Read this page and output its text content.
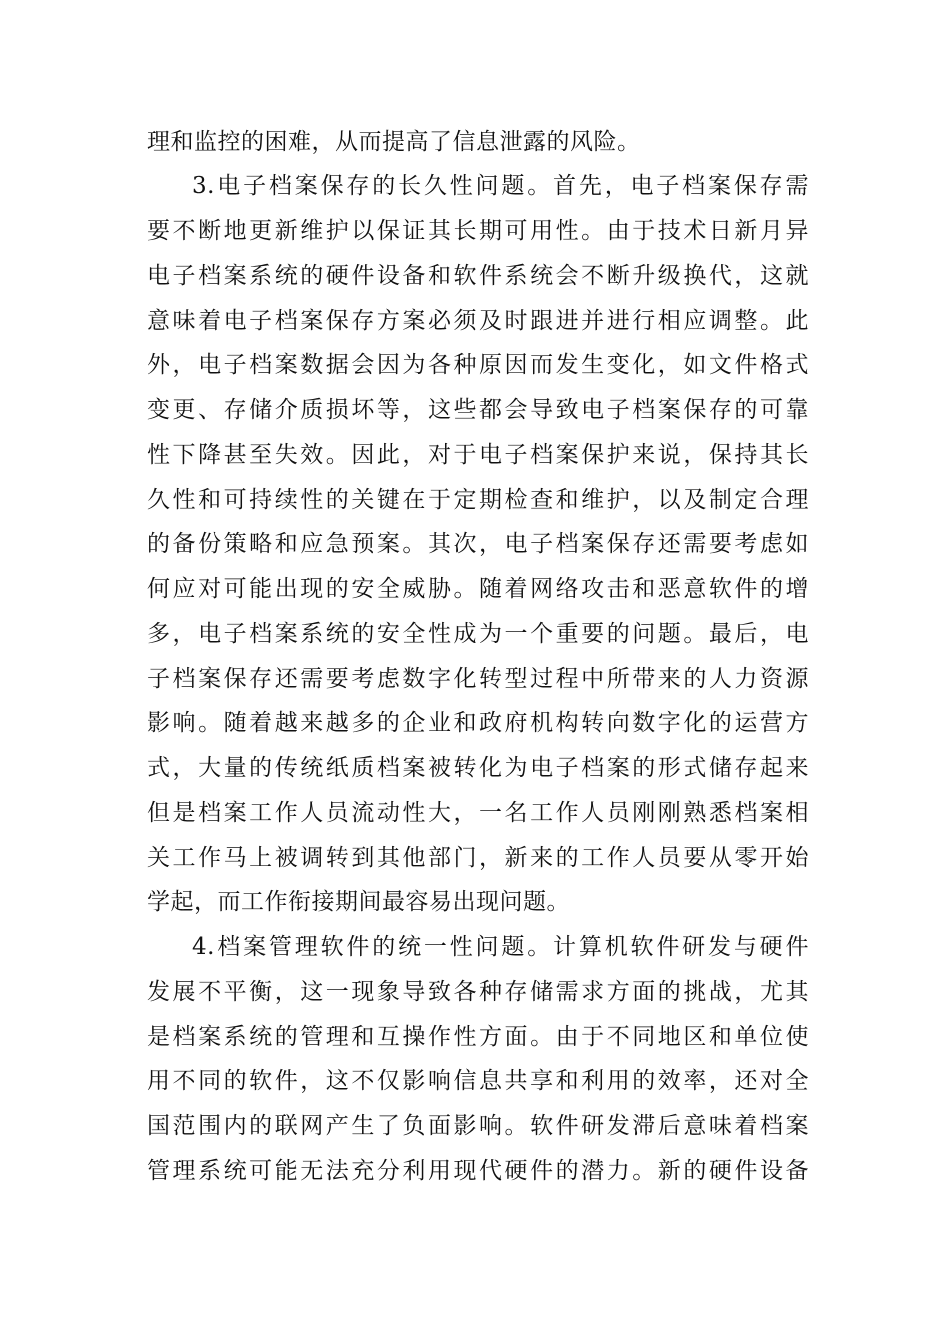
理和监控的困难，从而提高了信息泄露的风险。
3.电子档案保存的长久性问题。首先，电子档案保存需
要不断地更新维护以保证其长期可用性。由于技术日新月异
电子档案系统的硬件设备和软件系统会不断升级换代，这就
意味着电子档案保存方案必须及时跟进并进行相应调整。此
外，电子档案数据会因为各种原因而发生变化，如文件格式
变更、存储介质损坏等，这些都会导致电子档案保存的可靠
性下降甚至失效。因此，对于电子档案保护来说，保持其长
久性和可持续性的关键在于定期检查和维护，以及制定合理
的备份策略和应急预案。其次，电子档案保存还需要考虑如
何应对可能出现的安全威胁。随着网络攻击和恶意软件的增
多，电子档案系统的安全性成为一个重要的问题。最后，电
子档案保存还需要考虑数字化转型过程中所带来的人力资源
影响。随着越来越多的企业和政府机构转向数字化的运营方
式，大量的传统纸质档案被转化为电子档案的形式储存起来
但是档案工作人员流动性大，一名工作人员刚刚熟悉档案相
关工作马上被调转到其他部门，新来的工作人员要从零开始
学起，而工作衔接期间最容易出现问题。
4.档案管理软件的统一性问题。计算机软件研发与硬件
发展不平衡，这一现象导致各种存储需求方面的挑战，尤其
是档案系统的管理和互操作性方面。由于不同地区和单位使
用不同的软件，这不仅影响信息共享和利用的效率，还对全
国范围内的联网产生了负面影响。软件研发滞后意味着档案
管理系统可能无法充分利用现代硬件的潜力。新的硬件设备
